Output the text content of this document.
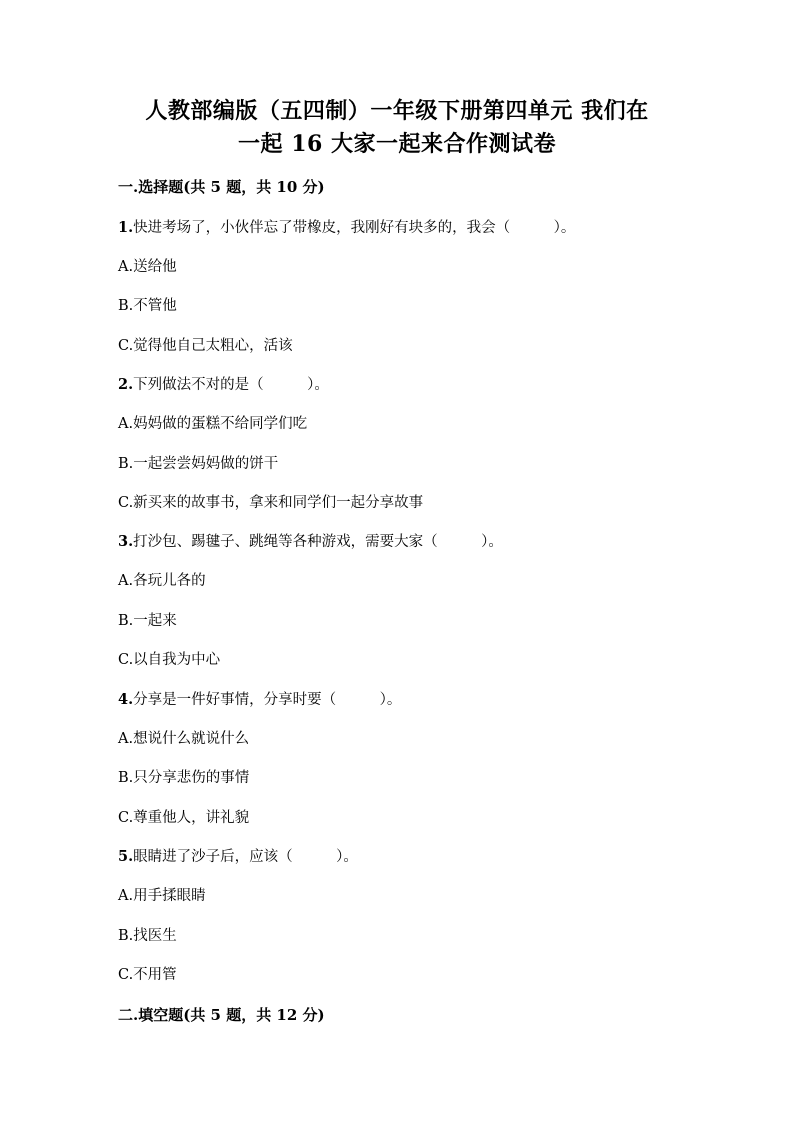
人教部编版（五四制）一年级下册第四单元 我们在
一起 16 大家一起来合作测试卷
一.选择题(共 5 题，共 10 分)
1.快进考场了，小伙伴忘了带橡皮，我刚好有块多的，我会（　　　）。
A.送给他
B.不管他
C.觉得他自己太粗心，活该
2.下列做法不对的是（　　　）。
A.妈妈做的蛋糕不给同学们吃
B.一起尝尝妈妈做的饼干
C.新买来的故事书，拿来和同学们一起分享故事
3.打沙包、踢毽子、跳绳等各种游戏，需要大家（　　　）。
A.各玩儿各的
B.一起来
C.以自我为中心
4.分享是一件好事情，分享时要（　　　）。
A.想说什么就说什么
B.只分享悲伤的事情
C.尊重他人，讲礼貌
5.眼睛进了沙子后，应该（　　　）。
A.用手揉眼睛
B.找医生
C.不用管
二.填空题(共 5 题，共 12 分)
